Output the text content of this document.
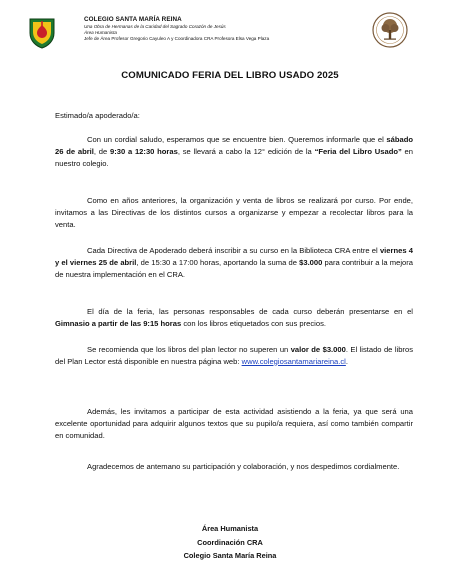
COLEGIO SANTA MARÍA REINA
Una Obra de Hermanas de la Caridad del Sagrado Corazón de Jesús
Área Humanista
Jefe de Área Profesor Gregorio Cayuleo A y Coordinadora CRA Profesora Elsa Vega Plaza
COMUNICADO FERIA DEL LIBRO USADO 2025
Estimado/a apoderado/a:
Con un cordial saludo, esperamos que se encuentre bien. Queremos informarle que el sábado 26 de abril, de 9:30 a 12:30 horas, se llevará a cabo la 12° edición de la “Feria del Libro Usado” en nuestro colegio.
Como en años anteriores, la organización y venta de libros se realizará por curso. Por ende, invitamos a las Directivas de los distintos cursos a organizarse y empezar a recolectar libros para la venta.
Cada Directiva de Apoderado deberá inscribir a su curso en la Biblioteca CRA entre el viernes 4 y el viernes 25 de abril, de 15:30 a 17:00 horas, aportando la suma de $3.000 para contribuir a la mejora de nuestra implementación en el CRA.
El día de la feria, las personas responsables de cada curso deberán presentarse en el Gimnasio a partir de las 9:15 horas con los libros etiquetados con sus precios.
Se recomienda que los libros del plan lector no superen un valor de $3.000. El listado de libros del Plan Lector está disponible en nuestra página web: www.colegiosantamariareina.cl.
Además, les invitamos a participar de esta actividad asistiendo a la feria, ya que será una excelente oportunidad para adquirir algunos textos que su pupilo/a requiera, así como también compartir en comunidad.
Agradecemos de antemano su participación y colaboración, y nos despedimos cordialmente.
Área Humanista
Coordinación CRA
Colegio Santa María Reina
